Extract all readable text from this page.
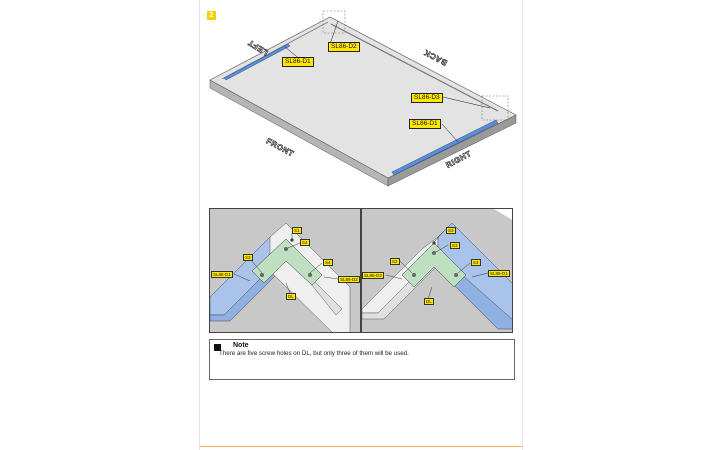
2
SL86-D2
SL86-D1
SL86-D3
SL86-D1
LEFT
BACK
FRONT
RIGHT
S1
S4
S3
S4
SL86-D1
SL86-D2
DL
S3
S3
S2	S3
SL86-D3	SL86-D1
DL
Note
There are five screw holes on DL, but only three of them will be used.
